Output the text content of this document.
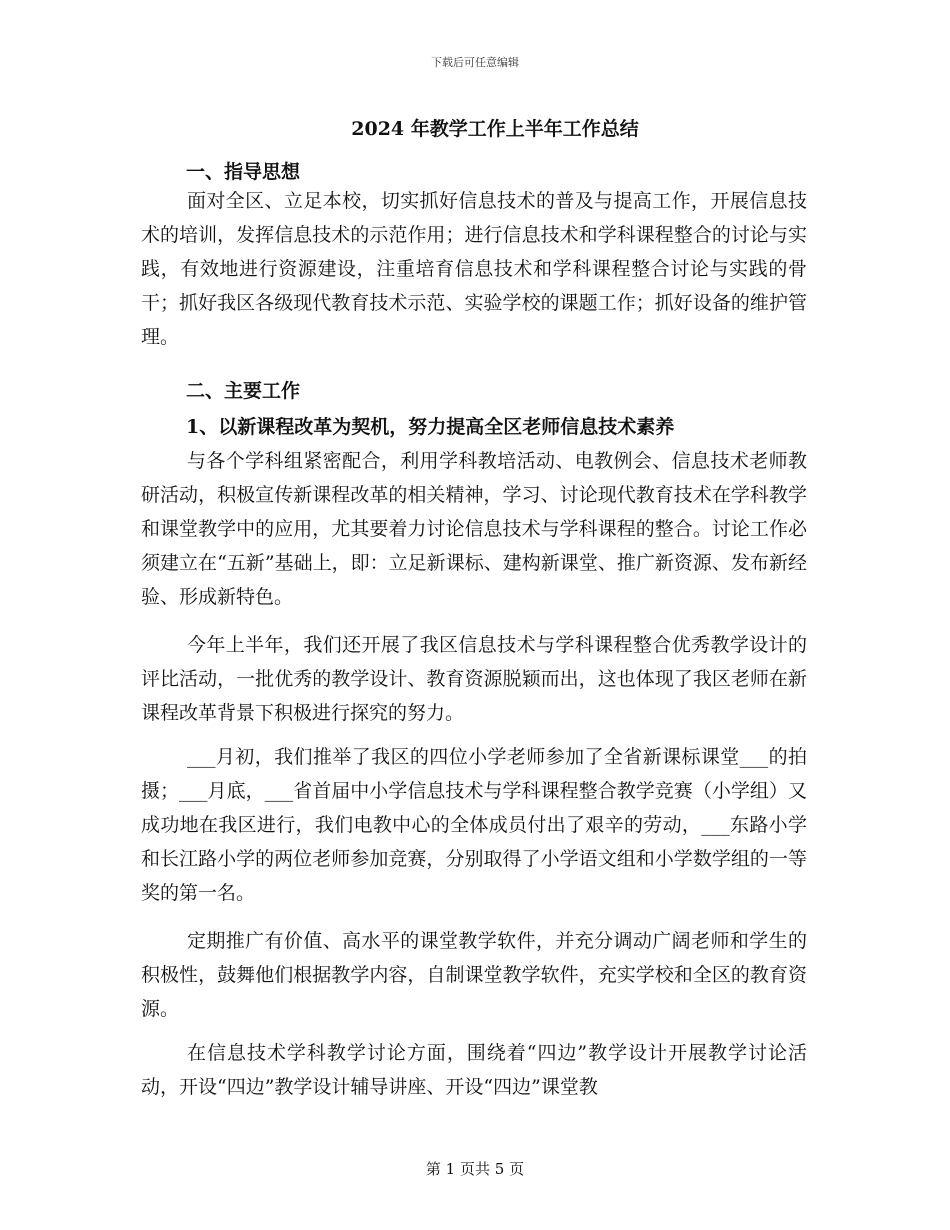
下载后可任意编辑
2024 年教学工作上半年工作总结
一、指导思想

面对全区、立足本校，切实抓好信息技术的普及与提高工作，开展信息技术的培训，发挥信息技术的示范作用；进行信息技术和学科课程整合的讨论与实践，有效地进行资源建设，注重培育信息技术和学科课程整合讨论与实践的骨干；抓好我区各级现代教育技术示范、实验学校的课题工作；抓好设备的维护管理。

二、主要工作
1、以新课程改革为契机，努力提高全区老师信息技术素养

与各个学科组紧密配合，利用学科教培活动、电教例会、信息技术老师教研活动，积极宣传新课程改革的相关精神，学习、讨论现代教育技术在学科教学和课堂教学中的应用，尤其要着力讨论信息技术与学科课程的整合。讨论工作必须建立在“五新”基础上，即：立足新课标、建构新课堂、推广新资源、发布新经验、形成新特色。

今年上半年，我们还开展了我区信息技术与学科课程整合优秀教学设计的评比活动，一批优秀的教学设计、教育资源脱颖而出，这也体现了我区老师在新课程改革背景下积极进行探究的努力。

___月初，我们推举了我区的四位小学老师参加了全省新课标课堂___的拍摄；___月底，___省首届中小学信息技术与学科课程整合教学竞赛（小学组）又成功地在我区进行，我们电教中心的全体成员付出了艰辛的劳动，___东路小学和长江路小学的两位老师参加竞赛，分别取得了小学语文组和小学数学组的一等奖的第一名。

定期推广有价值、高水平的课堂教学软件，并充分调动广阔老师和学生的积极性，鼓舞他们根据教学内容，自制课堂教学软件，充实学校和全区的教育资源。

在信息技术学科教学讨论方面，围绕着“四边”教学设计开展教学讨论活动，开设“四边”教学设计辅导讲座、开设“四边”课堂教

第 1 页共 5 页
